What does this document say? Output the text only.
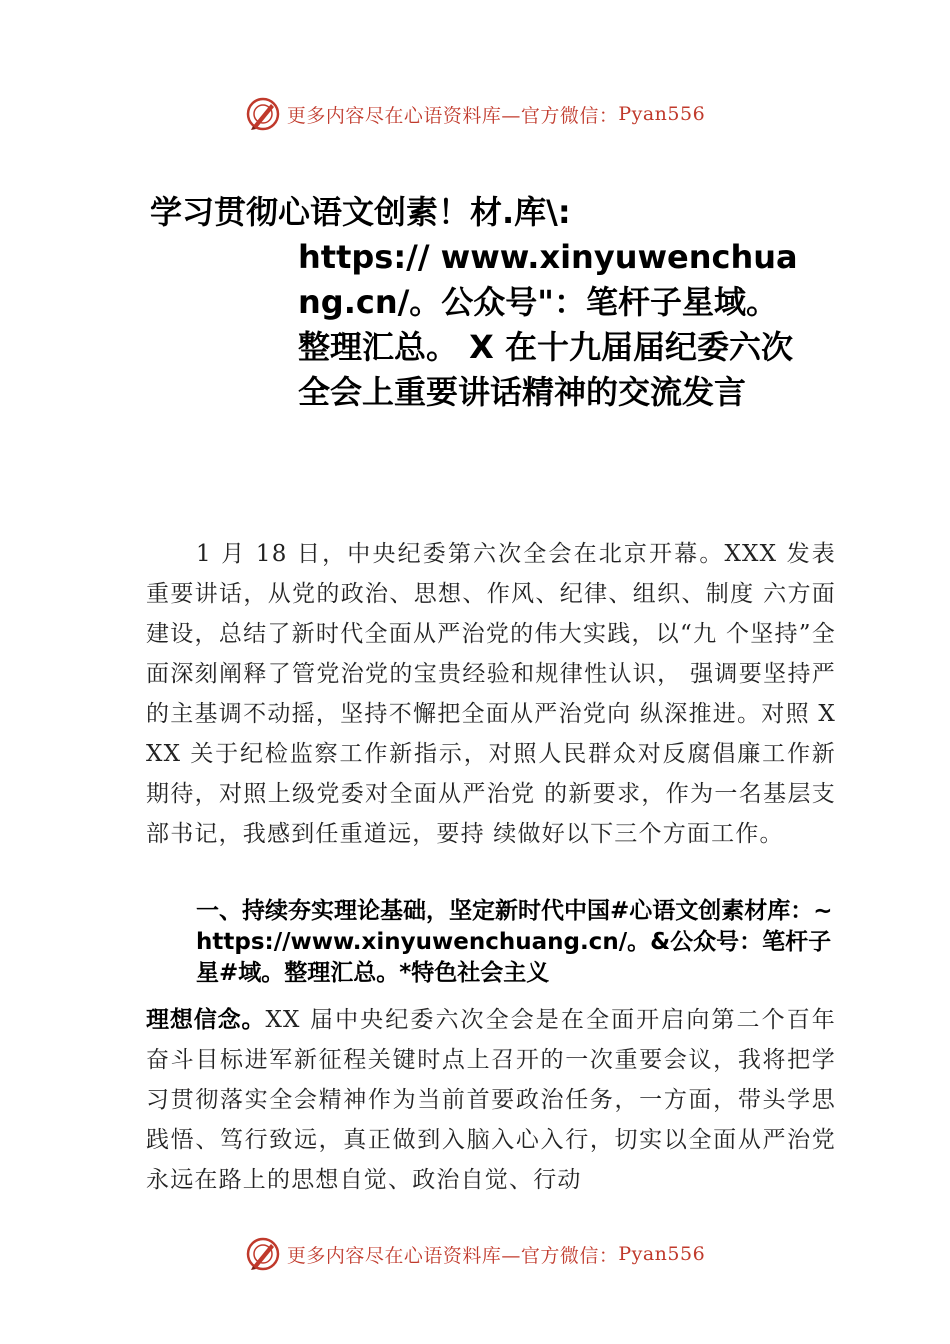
更多内容尽在心语资料库—官方微信： Pyan556
学习贯彻心语文创素！材.库\:
https:// www.xinyuwenchuang.cn/。公众号"：笔杆子星域。整理汇总。 X 在十九届届纪委六次全会上重要讲话精神的交流发言

1 月 18 日，中央纪委第六次全会在北京开幕。XXX 发表重要讲话，从党的政治、思想、作风、纪律、组织、制度 六方面建设，总结了新时代全面从严治党的伟大实践，以“九 个坚持”全面深刻阐释了管党治党的宝贵经验和规律性认识， 强调要坚持严的主基调不动摇，坚持不懈把全面从严治党向 纵深推进。对照 XXX 关于纪检监察工作新指示，对照人民群众对反腐倡廉工作新期待，对照上级党委对全面从严治党 的新要求，作为一名基层支部书记，我感到任重道远，要持 续做好以下三个方面工作。

一、持续夯实理论基础，坚定新时代中国#心语文创素材库：~https://www.xinyuwenchuang.cn/。&公众号：笔杆子星#域。整理汇总。*特色社会主义

理想信念。XX 届中央纪委六次全会是在全面开启向第二个百年奋斗目标进军新征程关键时点上召开的一次重要会议，我将把学习贯彻落实全会精神作为当前首要政治任务，一方面，带头学思践悟、笃行致远，真正做到入脑入心入行，切实以全面从严治党永远在路上的思想自觉、政治自觉、行动

更多内容尽在心语资料库—官方微信： Pyan556
